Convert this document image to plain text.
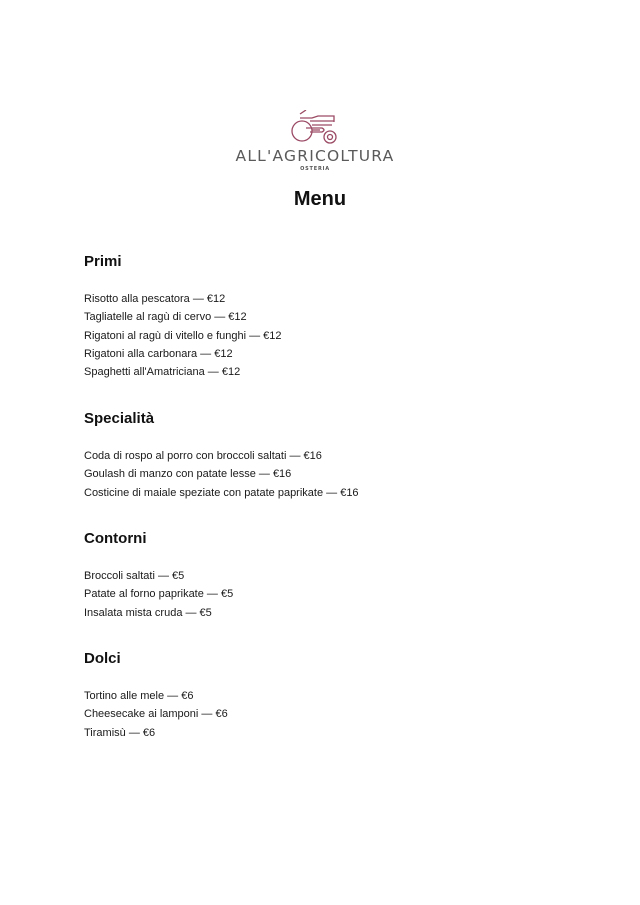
ALL'AGRICOLTURA
OSTERIA
Menu
Primi
Risotto alla pescatora — €12
Tagliatelle al ragù di cervo — €12
Rigatoni al ragù di vitello e funghi — €12
Rigatoni alla carbonara — €12
Spaghetti all'Amatriciana — €12
Specialità
Coda di rospo al porro con broccoli saltati — €16
Goulash di manzo con patate lesse — €16
Costicine di maiale speziate con patate paprikate — €16
Contorni
Broccoli saltati — €5
Patate al forno paprikate — €5
Insalata mista cruda — €5
Dolci
Tortino alle mele — €6
Cheesecake ai lamponi — €6
Tiramisù — €6
